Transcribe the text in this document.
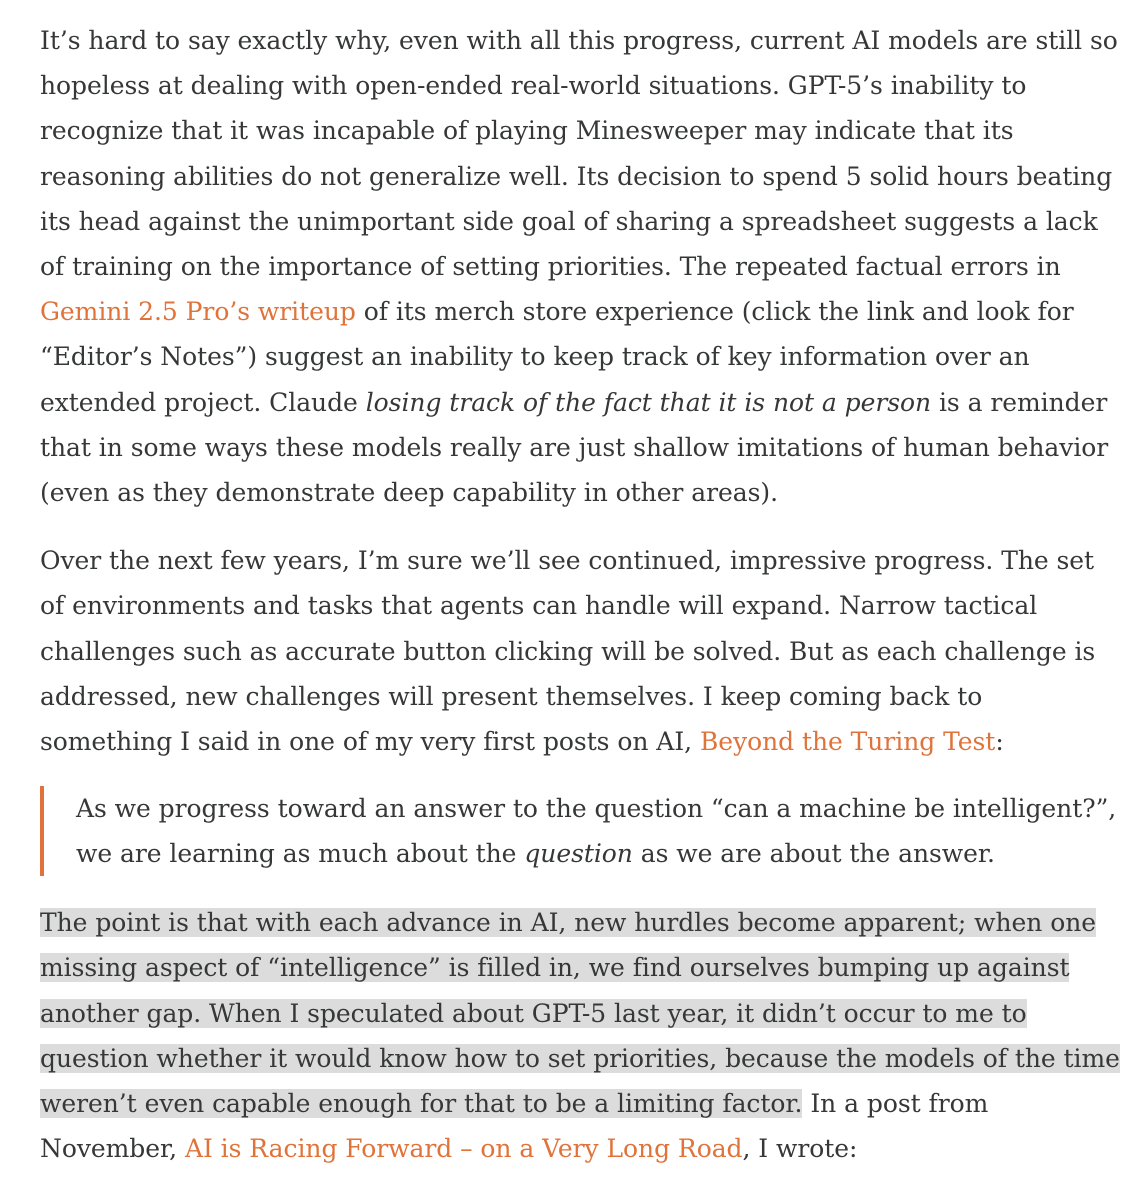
It’s hard to say exactly why, even with all this progress, current AI models are still so hopeless at dealing with open-ended real-world situations. GPT-5’s inability to recognize that it was incapable of playing Minesweeper may indicate that its reasoning abilities do not generalize well. Its decision to spend 5 solid hours beating its head against the unimportant side goal of sharing a spreadsheet suggests a lack of training on the importance of setting priorities. The repeated factual errors in Gemini 2.5 Pro’s writeup of its merch store experience (click the link and look for “Editor’s Notes”) suggest an inability to keep track of key information over an extended project. Claude losing track of the fact that it is not a person is a reminder that in some ways these models really are just shallow imitations of human behavior (even as they demonstrate deep capability in other areas).

Over the next few years, I’m sure we’ll see continued, impressive progress. The set of environments and tasks that agents can handle will expand. Narrow tactical challenges such as accurate button clicking will be solved. But as each challenge is addressed, new challenges will present themselves. I keep coming back to something I said in one of my very first posts on AI, Beyond the Turing Test:

As we progress toward an answer to the question “can a machine be intelligent?”, we are learning as much about the question as we are about the answer.

The point is that with each advance in AI, new hurdles become apparent; when one missing aspect of “intelligence” is filled in, we find ourselves bumping up against another gap. When I speculated about GPT-5 last year, it didn’t occur to me to question whether it would know how to set priorities, because the models of the time weren’t even capable enough for that to be a limiting factor. In a post from November, AI is Racing Forward – on a Very Long Road, I wrote:
